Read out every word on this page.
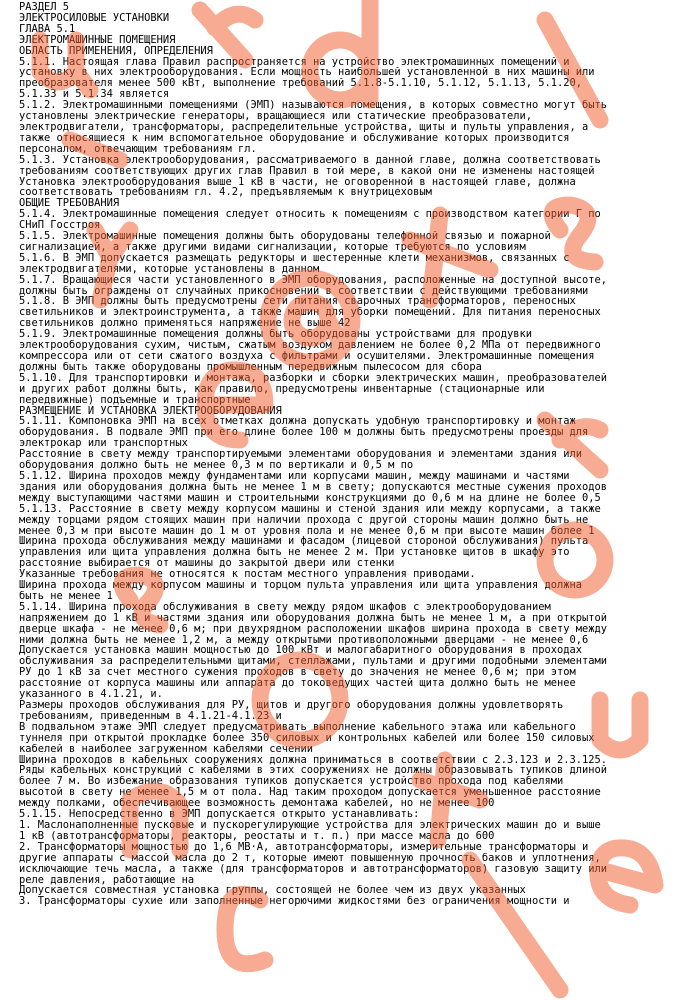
РАЗДЕЛ 5

ЭЛЕКТРОСИЛОВЫЕ УСТАНОВКИ

ГЛАВА 5.1

ЭЛЕКТРОМАШИННЫЕ ПОМЕЩЕНИЯ

ОБЛАСТЬ ПРИМЕНЕНИЯ, ОПРЕДЕЛЕНИЯ

5.1.1. Настоящая глава Правил распространяется на устройство электромашинных помещений и

установку в них электрооборудования. Если мощность наибольшей установленной в них машины или

преобразователя менее 500 кВт, выполнение требований 5.1.8-5.1.10, 5.1.12, 5.1.13, 5.1.20,

5.1.33 и 5.1.34 является

5.1.2. Электромашинными помещениями (ЭМП) называются помещения, в которых совместно могут быть

установлены электрические генераторы, вращающиеся или статические преобразователи,

электродвигатели, трансформаторы, распределительные устройства, щиты и пульты управления, а

также относящиеся к ним вспомогательное оборудование и обслуживание которых производится

персоналом, отвечающим требованиям гл.

5.1.3. Установка электрооборудования, рассматриваемого в данной главе, должна соответствовать

требованиям соответствующих других глав Правил в той мере, в какой они не изменены настоящей

Установка электрооборудования выше 1 кВ в части, не оговоренной в настоящей главе, должна

соответствовать требованиям гл. 4.2, предъявляемым к внутрицеховым

ОБЩИЕ ТРЕБОВАНИЯ

5.1.4. Электромашинные помещения следует относить к помещениям с производством категории Г по

СНиП Госстроя

5.1.5. Электромашинные помещения должны быть оборудованы телефонной связью и пожарной

сигнализацией, а также другими видами сигнализации, которые требуются по условиям

5.1.6. В ЭМП допускается размещать редукторы и шестеренные клети механизмов, связанных с

электродвигателями, которые установлены в данном

5.1.7. Вращающиеся части установленного в ЭМП оборудования, расположенные на доступной высоте,

должны быть ограждены от случайных прикосновений в соответствии с действующими требованиями

5.1.8. В ЭМП должны быть предусмотрены сети питания сварочных трансформаторов, переносных

светильников и электроинструмента, а также машин для уборки помещений. Для питания переносных

светильников должно применяться напряжение не выше 42

5.1.9. Электромашинные помещения должны быть оборудованы устройствами для продувки

электрооборудования сухим, чистым, сжатым воздухом давлением не более 0,2 МПа от передвижного

компрессора или от сети сжатого воздуха с фильтрами и осушителями. Электромашинные помещения

должны быть также оборудованы промышленным передвижным пылесосом для сбора

5.1.10. Для транспортировки и монтажа, разборки и сборки электрических машин, преобразователей

и других работ должны быть, как правило, предусмотрены инвентарные (стационарные или

передвижные) подъемные и транспортные

РАЗМЕЩЕНИЕ И УСТАНОВКА ЭЛЕКТРООБОРУДОВАНИЯ

5.1.11. Компоновка ЭМП на всех отметках должна допускать удобную транспортировку и монтаж

оборудования. В подвале ЭМП при его длине более 100 м должны быть предусмотрены проезды для

электрокар или транспортных

Расстояние в свету между транспортируемыми элементами оборудования и элементами здания или

оборудования должно быть не менее 0,3 м по вертикали и 0,5 м по

5.1.12. Ширина проходов между фундаментами или корпусами машин, между машинами и частями

здания или оборудования должна быть не менее 1 м в свету; допускаются местные сужения проходов

между выступающими частями машин и строительными конструкциями до 0,6 м на длине не более 0,5

5.1.13. Расстояние в свету между корпусом машины и стеной здания или между корпусами, а также

между торцами рядом стоящих машин при наличии прохода с другой стороны машин должно быть не

менее 0,3 м при высоте машин до 1 м от уровня пола и не менее 0,6 м при высоте машин более 1

Ширина прохода обслуживания между машинами и фасадом (лицевой стороной обслуживания) пульта

управления или щита управления должна быть не менее 2 м. При установке щитов в шкафу это

расстояние выбирается от машины до закрытой двери или стенки

Указанные требования не относятся к постам местного управления приводами.

Ширина прохода между корпусом машины и торцом пульта управления или щита управления должна

быть не менее 1

5.1.14. Ширина прохода обслуживания в свету между рядом шкафов с электрооборудованием

напряжением до 1 кВ и частями здания или оборудования должна быть не менее 1 м, а при открытой

дверце шкафа - не менее 0,6 м; при двухрядном расположении шкафов ширина прохода в свету между

ними должна быть не менее 1,2 м, а между открытыми противоположными дверцами - не менее 0,6

Допускается установка машин мощностью до 100 кВт и малогабаритного оборудования в проходах

обслуживания за распределительными щитами, стеллажами, пультами и другими подобными элементами

РУ до 1 кВ за счет местного сужения проходов в свету до значения не менее 0,6 м; при этом

расстояние от корпуса машины или аппарата до токоведущих частей щита должно быть не менее

указанного в 4.1.21, и.

Размеры проходов обслуживания для РУ, щитов и другого оборудования должны удовлетворять

требованиям, приведенным в 4.1.21-4.1.23 и

В подвальном этаже ЭМП следует предусматривать выполнение кабельного этажа или кабельного

туннеля при открытой прокладке более 350 силовых и контрольных кабелей или более 150 силовых

кабелей в наиболее загруженном кабелями сечении

Ширина проходов в кабельных сооружениях должна приниматься в соответствии с 2.3.123 и 2.3.125.

Ряды кабельных конструкций с кабелями в этих сооружениях не должны образовывать тупиков длиной

более 7 м. Во избежание образования тупиков допускается устройство прохода под кабелями

высотой в свету не менее 1,5 м от пола. Над таким проходом допускается уменьшенное расстояние

между полками, обеспечивающее возможность демонтажа кабелей, но не менее 100

5.1.15. Непосредственно в ЭМП допускается открыто устанавливать:

1. Маслонаполненные пусковые и пускорегулирующие устройства для электрических машин до и выше

1 кВ (автотрансформаторы, реакторы, реостаты и т. п.) при массе масла до 600

2. Трансформаторы мощностью до 1,6 МВ·А, автотрансформаторы, измерительные трансформаторы и

другие аппараты с массой масла до 2 т, которые имеют повышенную прочность баков и уплотнения,

исключающие течь масла, а также (для трансформаторов и автотрансформаторов) газовую защиту или

реле давления, работающие на

Допускается совместная установка группы, состоящей не более чем из двух указанных

3. Трансформаторы сухие или заполненные негорючими жидкостями без ограничения мощности и
